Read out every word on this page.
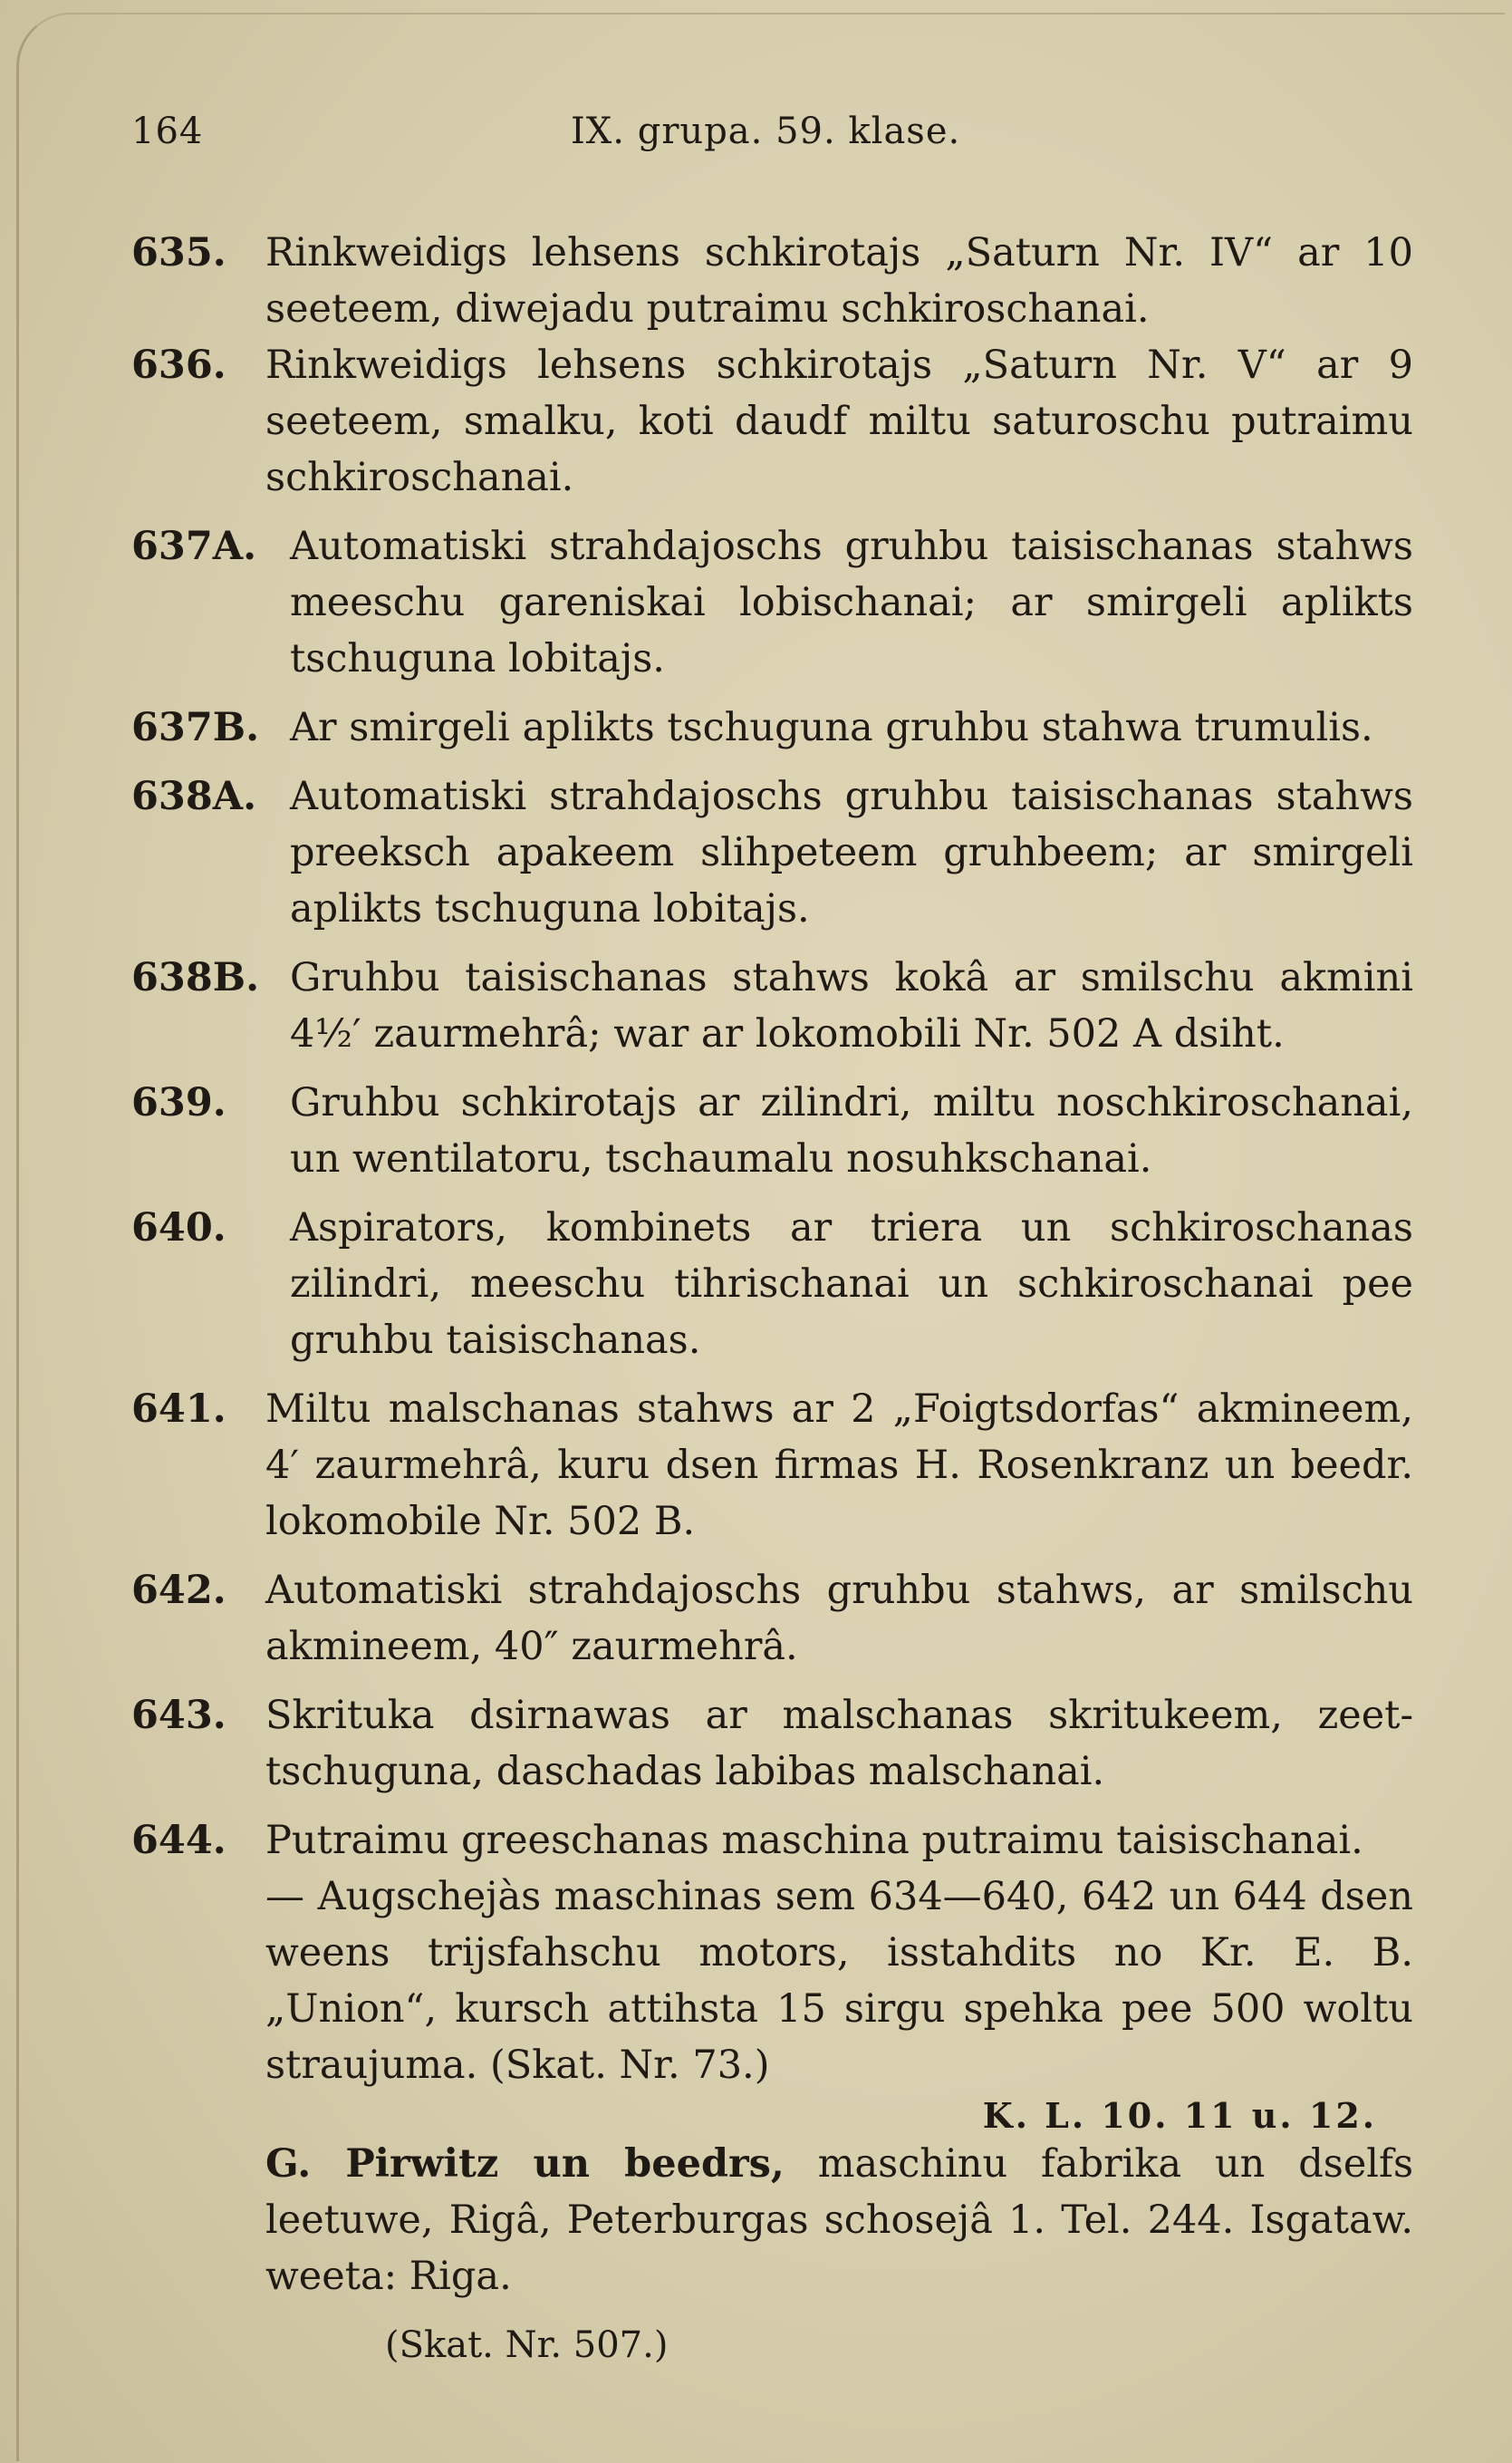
164	IX. grupa. 59. klase.
635.	Rinkweidigs lehsens schkirotajs „Saturn Nr. IV“ ar 10 seeteem, diwejadu putraimu schkiroschanai.
636.	Rinkweidigs lehsens schkirotajs „Saturn Nr. V“ ar 9 seeteem, smalku, koti daudf miltu saturoschu putraimu schkiroschanai.
637A. Automatiski strahdajoschs gruhbu taisischanas stahws meeschu gareniskai lobischanai; ar smirgeli aplikts tschuguna lobitajs.
637B. Ar smirgeli aplikts tschuguna gruhbu stahwa trumulis.
638A. Automatiski strahdajoschs gruhbu taisischanas stahws preeksch apakeem slihpeteem gruhbeem; ar smirgeli aplikts tschuguna lobitajs.
638B. Gruhbu taisischanas stahws kokâ ar smilschu akmini 4½′ zaurmehrâ; war ar lokomobili Nr. 502 A dsiht.
639.	Gruhbu schkirotajs ar zilindri, miltu noschkiroschanai, un wentilatoru, tschaumalu nosuhkschanai.
640.	Aspirators, kombinets ar triera un schkiroschanas zilindri, meeschu tihrischanai un schkiroschanai pee gruhbu taisischanas.
641.	Miltu malschanas stahws ar 2 „Foigtsdorfas“ akmineem, 4′ zaurmehrâ, kuru dsen firmas H. Rosenkranz un beedr. lokomobile Nr. 502 B.
642.	Automatiski strahdajoschs gruhbu stahws, ar smilschu akmineem, 40″ zaurmehrâ.
643.	Skrituka dsirnawas ar malschanas skritukeem, zeet-tschuguna, daschadas labibas malschanai.
644.	Putraimu greeschanas maschina putraimu taisischanai.
— Augschejàs maschinas sem 634—640, 642 un 644 dsen weens trijsfahschu motors, isstahdits no Kr. E. B. „Union“, kursch attihsta 15 sirgu spehka pee 500 woltu straujuma. (Skat. Nr. 73.)
K. L. 10. 11 u. 12.
G. Pirwitz un beedrs, maschinu fabrika un dselfs leetuwe, Rigâ, Peterburgas schosejâ 1. Tel. 244. Isgataw. weeta: Riga.
(Skat. Nr. 507.)
